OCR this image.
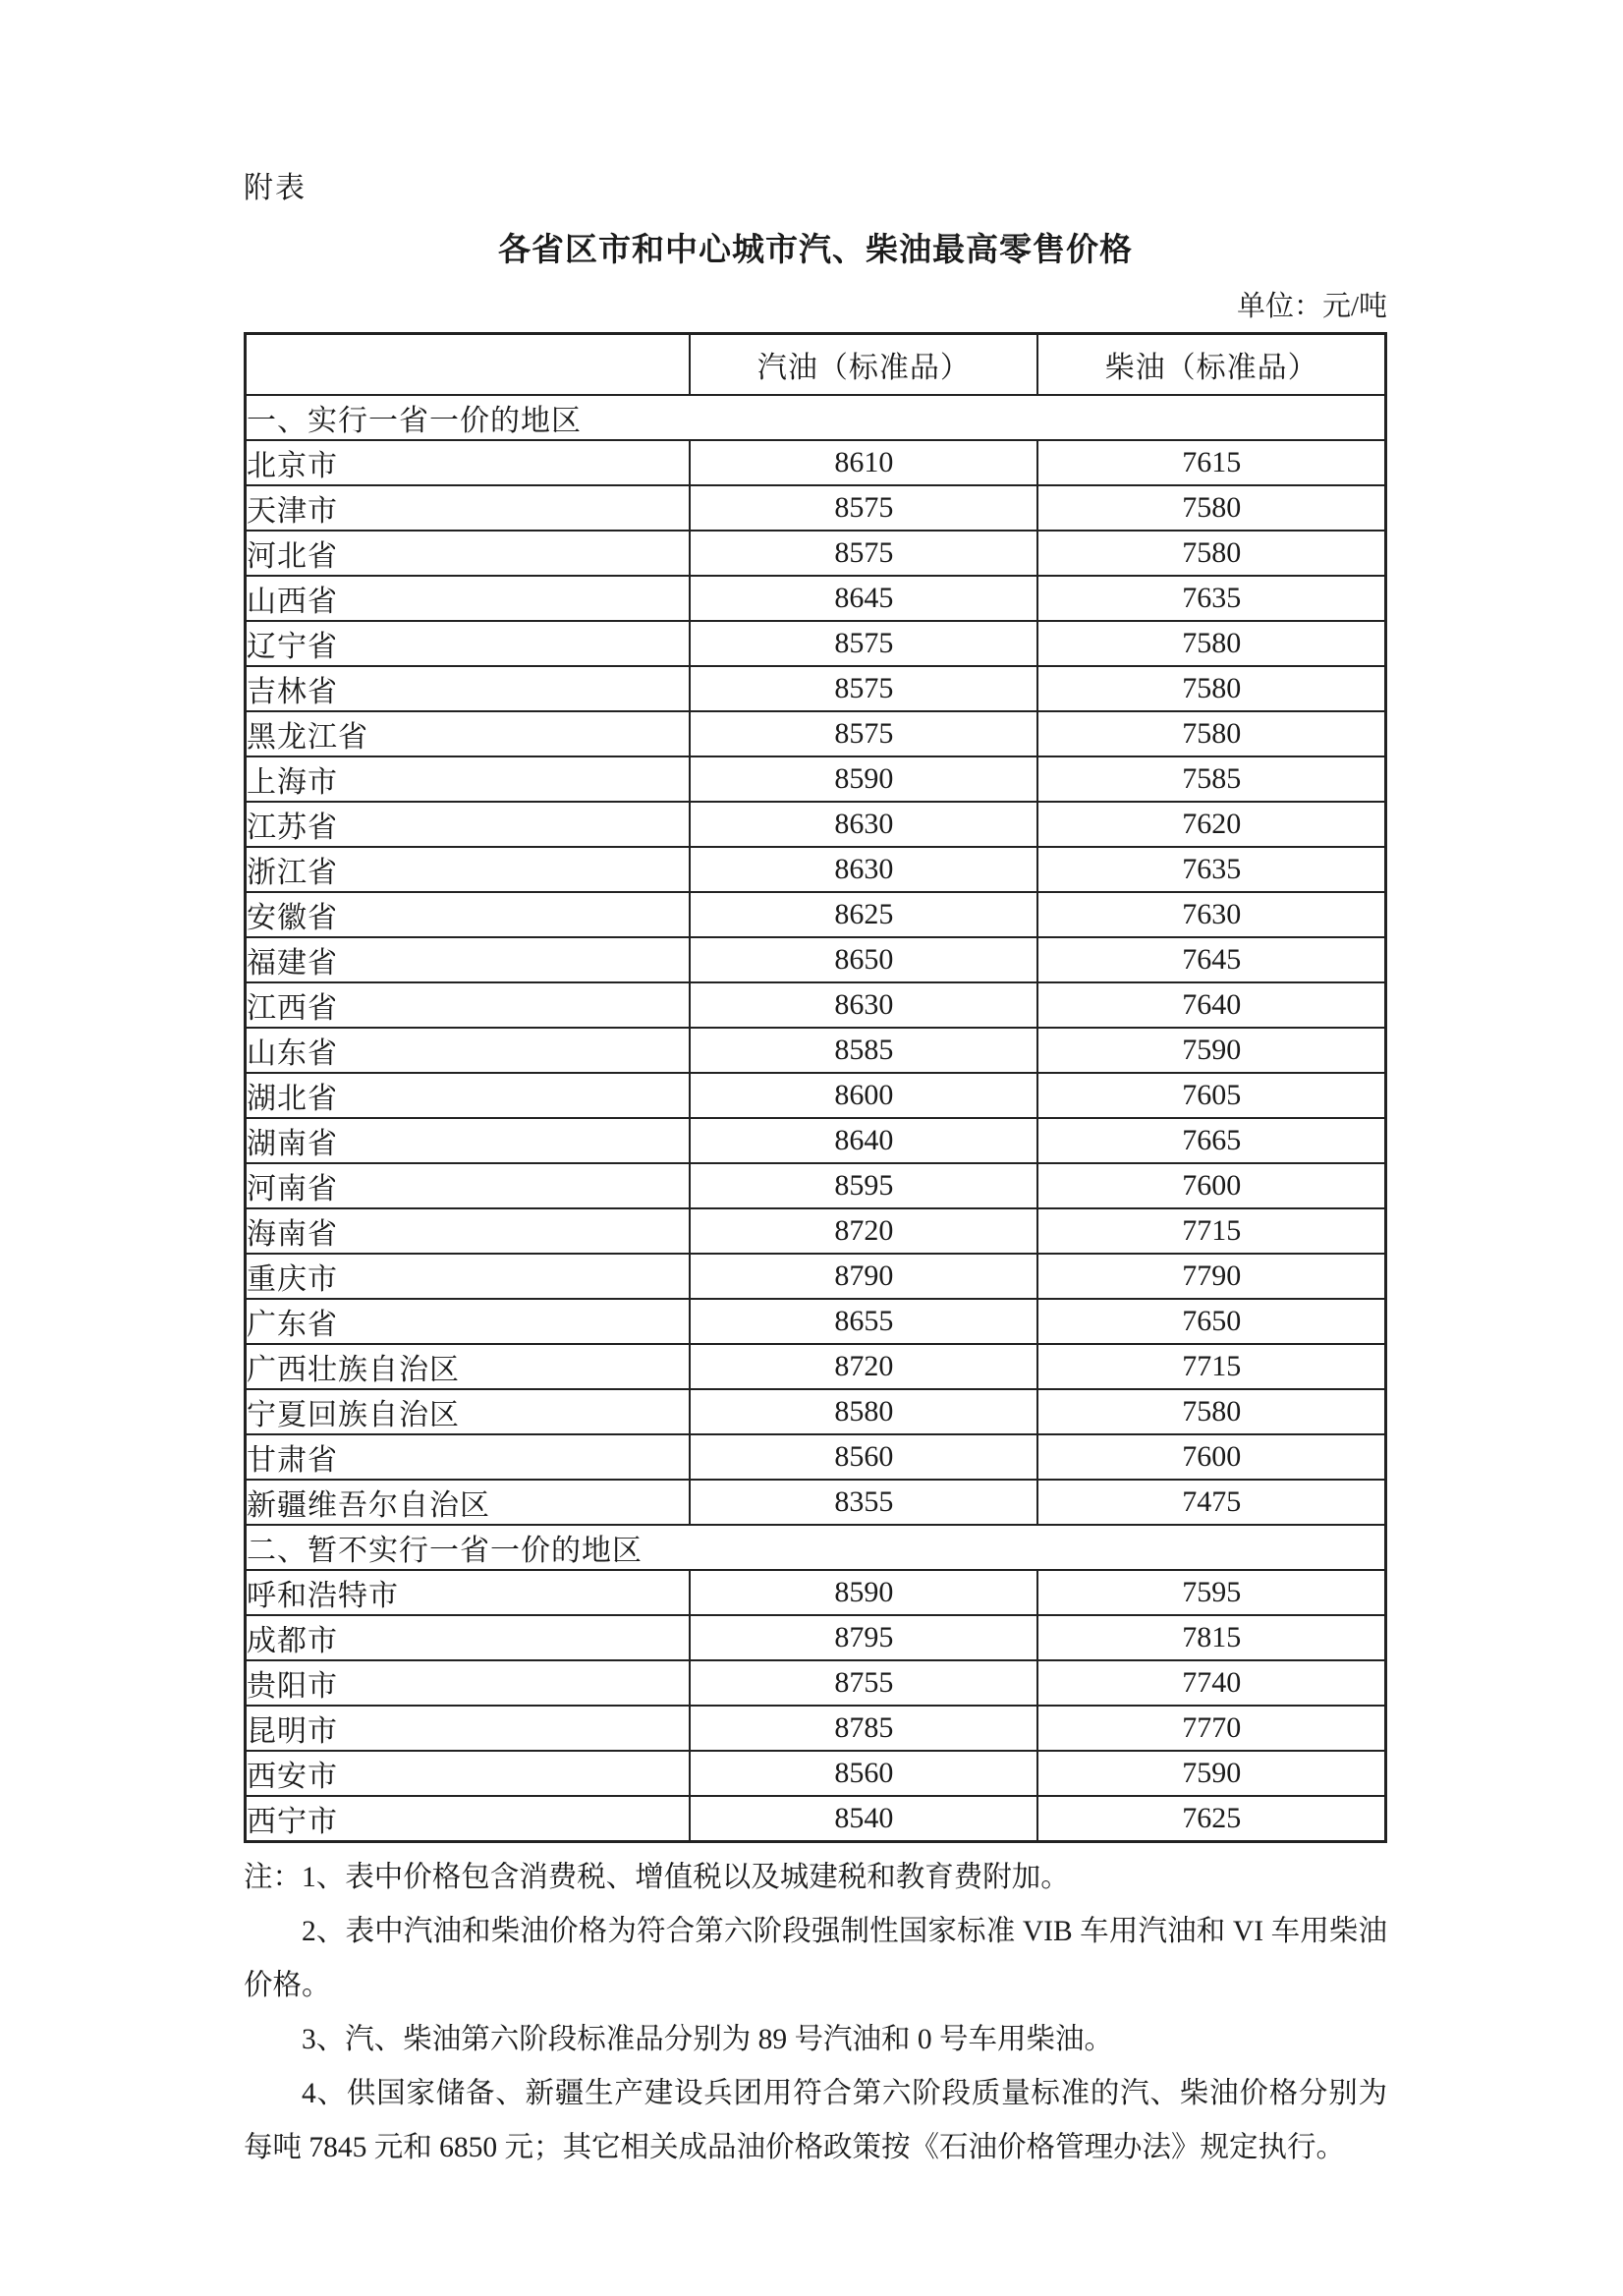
附表
各省区市和中心城市汽、柴油最高零售价格
单位：元/吨
	汽油（标准品）	柴油（标准品）
一、实行一省一价的地区		
北京市	8610	7615
天津市	8575	7580
河北省	8575	7580
山西省	8645	7635
辽宁省	8575	7580
吉林省	8575	7580
黑龙江省	8575	7580
上海市	8590	7585
江苏省	8630	7620
浙江省	8630	7635
安徽省	8625	7630
福建省	8650	7645
江西省	8630	7640
山东省	8585	7590
湖北省	8600	7605
湖南省	8640	7665
河南省	8595	7600
海南省	8720	7715
重庆市	8790	7790
广东省	8655	7650
广西壮族自治区	8720	7715
宁夏回族自治区	8580	7580
甘肃省	8560	7600
新疆维吾尔自治区	8355	7475
二、暂不实行一省一价的地区		
呼和浩特市	8590	7595
成都市	8795	7815
贵阳市	8755	7740
昆明市	8785	7770
西安市	8560	7590
西宁市	8540	7625

注：1、表中价格包含消费税、增值税以及城建税和教育费附加。

2、表中汽油和柴油价格为符合第六阶段强制性国家标准 VIB 车用汽油和 VI 车用柴油价格。

3、汽、柴油第六阶段标准品分别为 89 号汽油和 0 号车用柴油。

4、供国家储备、新疆生产建设兵团用符合第六阶段质量标准的汽、柴油价格分别为每吨 7845 元和 6850 元；其它相关成品油价格政策按《石油价格管理办法》规定执行。
